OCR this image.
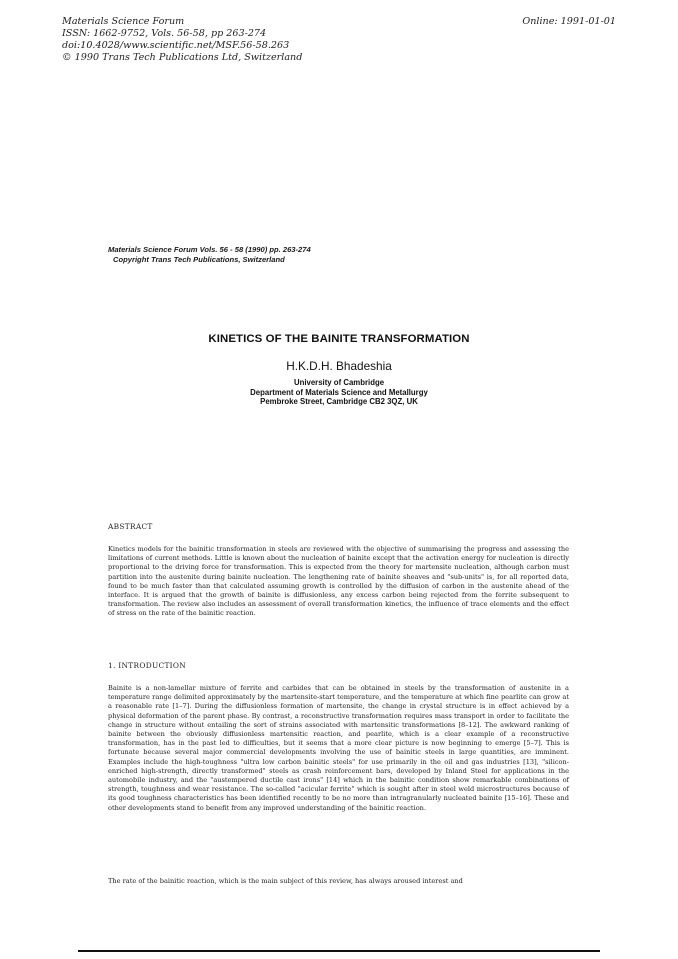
Materials Science Forum
ISSN: 1662-9752, Vols. 56-58, pp 263-274
doi:10.4028/www.scientific.net/MSF.56-58.263
© 1990 Trans Tech Publications Ltd, Switzerland
Online: 1991-01-01
Materials Science Forum Vols. 56 - 58 (1990) pp. 263-274
Copyright Trans Tech Publications, Switzerland
KINETICS OF THE BAINITE TRANSFORMATION
H.K.D.H. Bhadeshia
University of Cambridge
Department of Materials Science and Metallurgy
Pembroke Street, Cambridge CB2 3QZ, UK
ABSTRACT

Kinetics models for the bainitic transformation in steels are reviewed with the objective of summarising the progress and assessing the limitations of current methods. Little is known about the nucleation of bainite except that the activation energy for nucleation is directly proportional to the driving force for transformation. This is expected from the theory for martensite nucleation, although carbon must partition into the austenite during bainite nucleation. The lengthening rate of bainite sheaves and "sub-units" is, for all reported data, found to be much faster than that calculated assuming growth is controlled by the diffusion of carbon in the austenite ahead of the interface. It is argued that the growth of bainite is diffusionless, any excess carbon being rejected from the ferrite subsequent to transformation. The review also includes an assessment of overall transformation kinetics, the influence of trace elements and the effect of stress on the rate of the bainitic reaction.

1. INTRODUCTION

Bainite is a non-lamellar mixture of ferrite and carbides that can be obtained in steels by the transformation of austenite in a temperature range delimited approximately by the martensite-start temperature, and the temperature at which fine pearlite can grow at a reasonable rate [1–7]. During the diffusionless formation of martensite, the change in crystal structure is in effect achieved by a physical deformation of the parent phase. By contrast, a reconstructive transformation requires mass transport in order to facilitate the change in structure without entailing the sort of strains associated with martensitic transformations [8–12]. The awkward ranking of bainite between the obviously diffusionless martensitic reaction, and pearlite, which is a clear example of a reconstructive transformation, has in the past led to difficulties, but it seems that a more clear picture is now beginning to emerge [5–7]. This is fortunate because several major commercial developments involving the use of bainitic steels in large quantities, are imminent. Examples include the high-toughness "ultra low carbon bainitic steels" for use primarily in the oil and gas industries [13], "silicon-enriched high-strength, directly transformed" steels as crash reinforcement bars, developed by Inland Steel for applications in the automobile industry, and the "austempered ductile cast irons" [14] which in the bainitic condition show remarkable combinations of strength, toughness and wear resistance. The so-called "acicular ferrite" which is sought after in steel weld microstructures because of its good toughness characteristics has been identified recently to be no more than intragranularly nucleated bainite [15–16]. These and other developments stand to benefit from any improved understanding of the bainitic reaction.

The rate of the bainitic reaction, which is the main subject of this review, has always aroused interest and
